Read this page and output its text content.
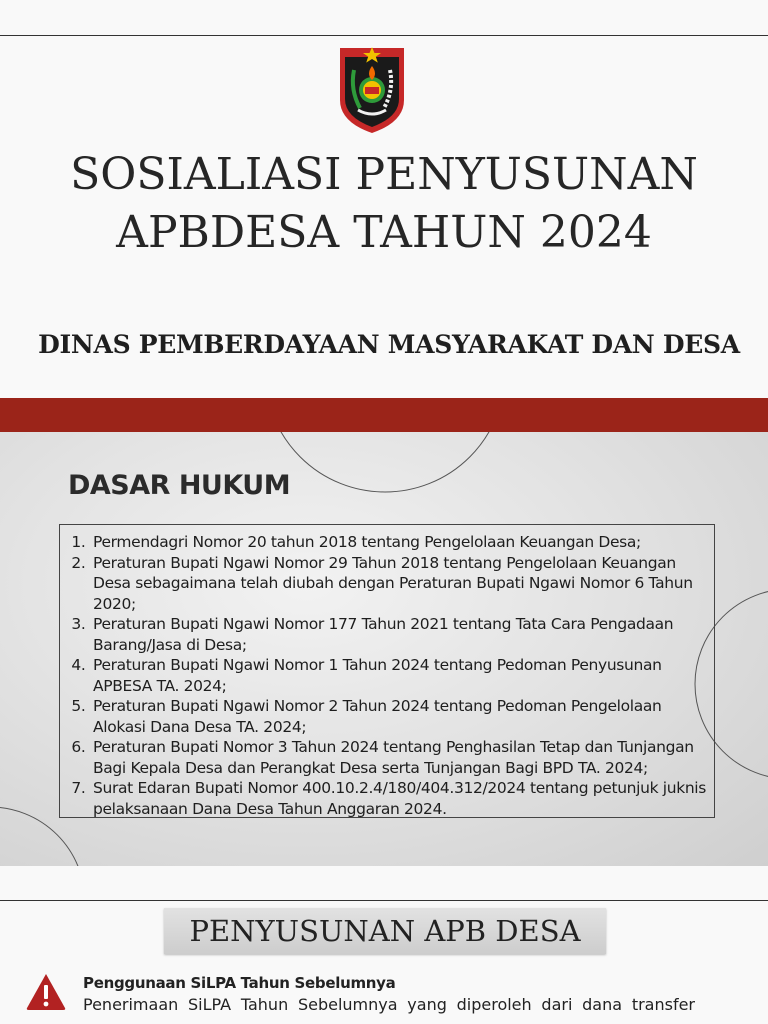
SOSIALIASI PENYUSUNAN
APBDESA TAHUN 2024
DINAS PEMBERDAYAAN MASYARAKAT DAN DESA
DASAR HUKUM
1. Permendagri Nomor 20 tahun 2018 tentang Pengelolaan Keuangan Desa;
2. Peraturan Bupati Ngawi Nomor 29 Tahun 2018 tentang Pengelolaan Keuangan Desa sebagaimana telah diubah dengan Peraturan Bupati Ngawi Nomor 6 Tahun 2020;
3. Peraturan Bupati Ngawi Nomor 177 Tahun 2021 tentang Tata Cara Pengadaan Barang/Jasa di Desa;
4. Peraturan Bupati Ngawi Nomor 1 Tahun 2024 tentang Pedoman Penyusunan APBESA TA. 2024;
5. Peraturan Bupati Ngawi Nomor 2 Tahun 2024 tentang Pedoman Pengelolaan Alokasi Dana Desa TA. 2024;
6. Peraturan Bupati Nomor 3 Tahun 2024 tentang Penghasilan Tetap dan Tunjangan Bagi Kepala Desa dan Perangkat Desa serta Tunjangan Bagi BPD TA. 2024;
7. Surat Edaran Bupati Nomor 400.10.2.4/180/404.312/2024 tentang petunjuk juknis pelaksanaan Dana Desa Tahun Anggaran 2024.
PENYUSUNAN APB DESA
Penggunaan SiLPA Tahun Sebelumnya
Penerimaan SiLPA Tahun Sebelumnya yang diperoleh dari dana transfer
